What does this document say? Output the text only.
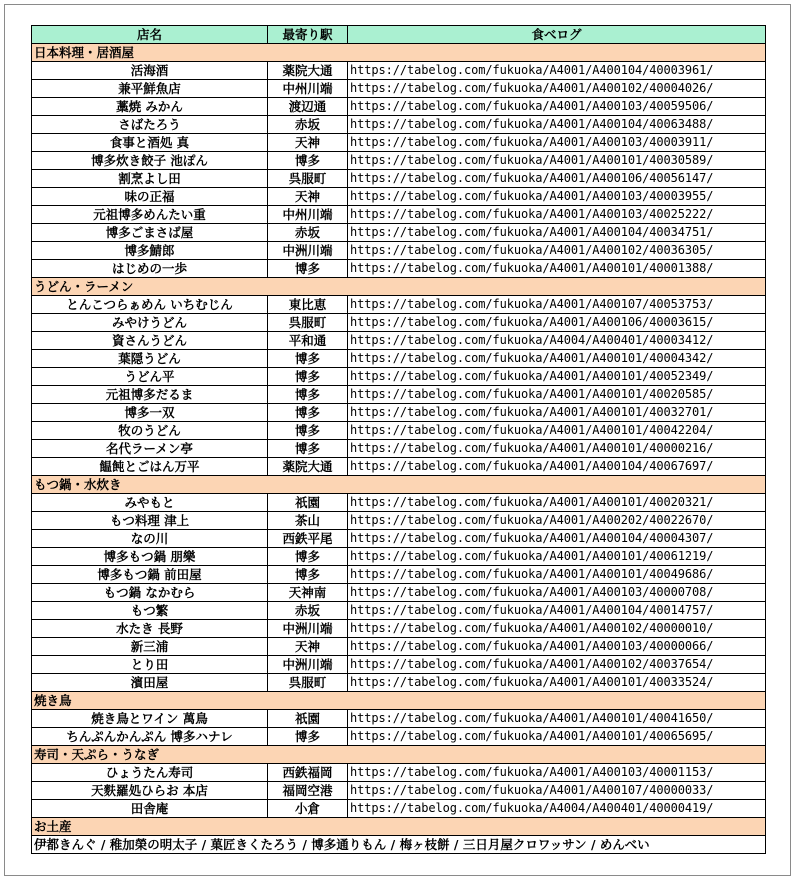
店名	最寄り駅	食べログ
日本料理・居酒屋		
活海酒	薬院大通	https://tabelog.com/fukuoka/A4001/A400104/40003961/
兼平鮮魚店	中州川端	https://tabelog.com/fukuoka/A4001/A400102/40004026/
藁焼 みかん	渡辺通	https://tabelog.com/fukuoka/A4001/A400103/40059506/
さばたろう	赤坂	https://tabelog.com/fukuoka/A4001/A400104/40063488/
食事と酒処 真	天神	https://tabelog.com/fukuoka/A4001/A400103/40003911/
博多炊き餃子 池ぽん	博多	https://tabelog.com/fukuoka/A4001/A400101/40030589/
割烹よし田	呉服町	https://tabelog.com/fukuoka/A4001/A400106/40056147/
味の正福	天神	https://tabelog.com/fukuoka/A4001/A400103/40003955/
元祖博多めんたい重	中州川端	https://tabelog.com/fukuoka/A4001/A400103/40025222/
博多ごまさば屋	赤坂	https://tabelog.com/fukuoka/A4001/A400104/40034751/
博多鯖郎	中洲川端	https://tabelog.com/fukuoka/A4001/A400102/40036305/
はじめの一歩	博多	https://tabelog.com/fukuoka/A4001/A400101/40001388/
うどん・ラーメン		
とんこつらぁめん いちむじん	東比恵	https://tabelog.com/fukuoka/A4001/A400107/40053753/
みやけうどん	呉服町	https://tabelog.com/fukuoka/A4001/A400106/40003615/
資さんうどん	平和通	https://tabelog.com/fukuoka/A4004/A400401/40003412/
葉隠うどん	博多	https://tabelog.com/fukuoka/A4001/A400101/40004342/
うどん平	博多	https://tabelog.com/fukuoka/A4001/A400101/40052349/
元祖博多だるま	博多	https://tabelog.com/fukuoka/A4001/A400101/40020585/
博多一双	博多	https://tabelog.com/fukuoka/A4001/A400101/40032701/
牧のうどん	博多	https://tabelog.com/fukuoka/A4001/A400101/40042204/
名代ラーメン亭	博多	https://tabelog.com/fukuoka/A4001/A400101/40000216/
饂飩とごはん万平	薬院大通	https://tabelog.com/fukuoka/A4001/A400104/40067697/
もつ鍋・水炊き		
みやもと	祇園	https://tabelog.com/fukuoka/A4001/A400101/40020321/
もつ料理 津上	茶山	https://tabelog.com/fukuoka/A4001/A400202/40022670/
なの川	西鉄平尾	https://tabelog.com/fukuoka/A4001/A400104/40004307/
博多もつ鍋 朋樂	博多	https://tabelog.com/fukuoka/A4001/A400101/40061219/
博多もつ鍋 前田屋	博多	https://tabelog.com/fukuoka/A4001/A400101/40049686/
もつ鍋 なかむら	天神南	https://tabelog.com/fukuoka/A4001/A400103/40000708/
もつ繁	赤坂	https://tabelog.com/fukuoka/A4001/A400104/40014757/
水たき 長野	中洲川端	https://tabelog.com/fukuoka/A4001/A400102/40000010/
新三浦	天神	https://tabelog.com/fukuoka/A4001/A400103/40000066/
とり田	中洲川端	https://tabelog.com/fukuoka/A4001/A400102/40037654/
濱田屋	呉服町	https://tabelog.com/fukuoka/A4001/A400101/40033524/
焼き鳥		
焼き鳥とワイン 萬鳥	祇園	https://tabelog.com/fukuoka/A4001/A400101/40041650/
ちんぷんかんぷん 博多ハナレ	博多	https://tabelog.com/fukuoka/A4001/A400101/40065695/
寿司・天ぷら・うなぎ		
ひょうたん寿司	西鉄福岡	https://tabelog.com/fukuoka/A4001/A400103/40001153/
天麩羅処ひらお 本店	福岡空港	https://tabelog.com/fukuoka/A4001/A400107/40000033/
田舎庵	小倉	https://tabelog.com/fukuoka/A4004/A400401/40000419/
お土産		
伊都きんぐ / 稚加榮の明太子 / 菓匠きくたろう / 博多通りもん / 梅ヶ枝餅 / 三日月屋クロワッサン / めんべい		
